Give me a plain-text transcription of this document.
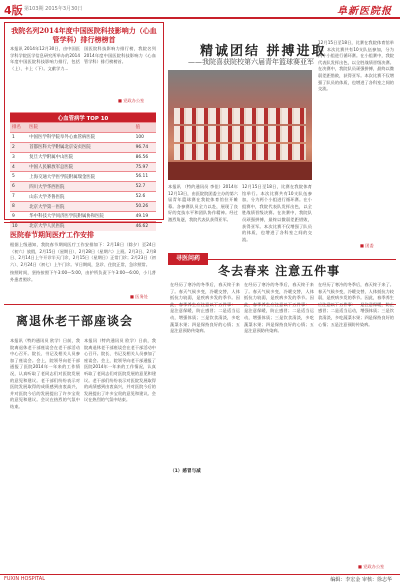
4版 第103期 2015年3月30日	阜新医院报
我院名列2014年度中国医院科技影响力（心血管学科）排行榜榜首
本报讯 2014年12月30日，由中国医学科学院医学信息研究所举办的2014年度中国医院科技影响力排行，包括（上）、卡上（下）。文献学力...
国医院科技影响力排行榜，我院名列2014年度中国医院科技影响力（心血管学科）排行榜榜首。
■ 党政办公室
心血管病学 TOP 10		
排名	医院	值
1	中国医学科学院阜外心血管病医院	100
2	首都医科大学附属北京安贞医院	96.74
3	复旦大学附属中山医院	86.56
4	中国人民解放军总医院	75.97
5	上海交通大学医学院附属瑞金医院	56.11
6	四川大学华西医院	52.7
7	山东大学齐鲁医院	52.6
8	北京大学第一医院	50.26
9	华中科技大学同济医学院附属协和医院	49.19
10	北京大学人民医院	46.62
医院春节期间医疗工作安排
根据上级通知，我院春节期间医疗工作安排如下：2月18日（除夕）至24日（初六）放假，2月15日（星期日）、2月28日（星期六）上班。2月3日、2月8日、2月14日上午开诊半天门诊，2月15日（星期日）正常门诊；2月23日（初六）、2月24日（初七）上午门诊。节日期间，急诊、住院正常，急诊照常。
按照时间，坚持按照下午3:00—5:00，由护所负责下午3:00—6:00，小儿普外患者照诊。
■ 医务处
离退休老干部座谈会
本报讯（特约通讯员 欧学）日前，我院离退休老干部座谈会在老干部活动中心召开。院长、书记及相关人员参加了座谈会。会上，院领导向老干部通报了医院2014年一年来的工作情况，认真听取了老同志们对医院发展的意见和建议。老干部们纷纷表示对医院发展取得的成绩感到由衷高兴，并对医院今后的发展提出了许多宝贵的意见和建议。会议在热烈的气氛中结束。
本报讯（特约通讯员 欧学）日前，我院离退休老干部座谈会在老干部活动中心召开。院长、书记及相关人员参加了座谈会。会上，院领导向老干部通报了医院2014年一年来的工作情况，认真听取了老同志们对医院发展的意见和建议。老干部们纷纷表示对医院发展取得的成绩感到由衷高兴，并对医院今后的发展提出了许多宝贵的意见和建议。会议在热烈的气氛中结束。
精诚团结 拼搏进取
——我院喜获院校第六届青年篮球赛亚军
本报讯 （特约通讯员 李佳）2014年12月13日，由医院院团委主办的第六届青年篮球赛在我院体育馆拉开帷幕。各参赛队员全力以赴，展现了良好的竞技水平和团队协作精神。经过激烈角逐，我院代表队获得亚军。
12月15日至18日，比赛在我院体育馆举行。本次比赛共有10支队伍参加，分为两个小组进行循环赛。在小组赛中，我院代表队发挥出色，以全胜战绩晋级决赛。在决赛中，我院队员顽强拼搏，最终以微弱差距惜败，获得亚军。本次比赛不仅增强了队员的体质，也增进了各科室之间的交流。
12月15日至18日，比赛在我院体育馆举行。本次比赛共有10支队伍参加，分为两个小组进行循环赛。在小组赛中，我院代表队发挥出色，以全胜战绩晋级决赛。在决赛中，我院队员顽强拼搏，最终以微弱差距惜败，获得亚军。本次比赛不仅增强了队员的体质，也增进了各科室之间的交流。
■ 团委
寻医问药
冬去春来 注意五件事
在经历了寒冷的冬季后，春天终于来了。春天气候多变，冷暖交替，人体抵抗力较弱，是疾病多发的季节。因此，春季养生应注意以下五件事：一是注意保暖，防止感冒；二是适当运动，增强体质；三是饮食清淡，多吃蔬菜水果；四是保持良好的心情；五是注意预防传染病。
在经历了寒冷的冬季后，春天终于来了。春天气候多变，冷暖交替，人体抵抗力较弱，是疾病多发的季节。因此，春季养生应注意以下五件事：一是注意保暖，防止感冒；二是适当运动，增强体质；三是饮食清淡，多吃蔬菜水果；四是保持良好的心情；五是注意预防传染病。
在经历了寒冷的冬季后，春天终于来了。春天气候多变，冷暖交替，人体抵抗力较弱，是疾病多发的季节。因此，春季养生应注意以下五件事：一是注意保暖，防止感冒；二是适当运动，增强体质；三是饮食清淡，多吃蔬菜水果；四是保持良好的心情；五是注意预防传染病。
（1）感冒与减
■ 党政办公室
FUXIN HOSPITAL	编辑：李宏金 审核：徐志华
